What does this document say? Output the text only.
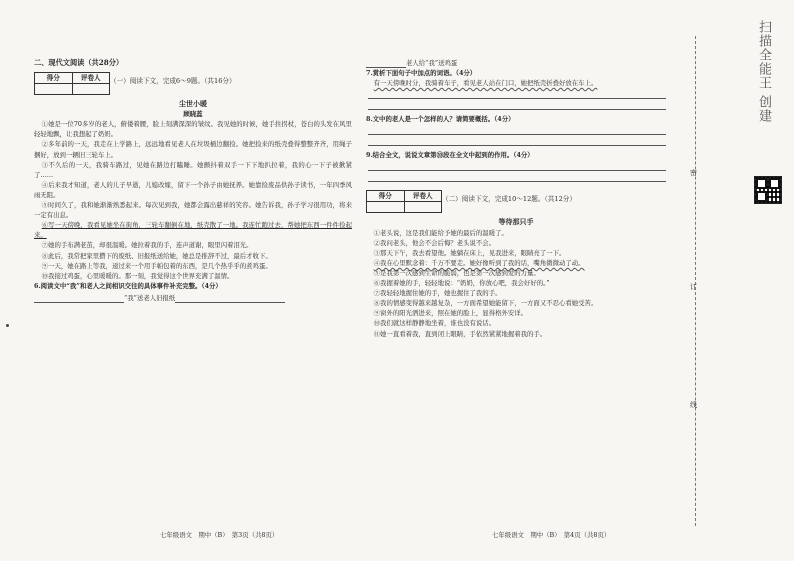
二、现代文阅读（共28分）
得分	评卷人	（一）阅读下文，完成6～9题。（共16分）
尘世小暖
顾晓蕊

①她是一位70多岁的老人，俯偻着腰，脸上刻满深深的皱纹。我见她的时候，她手拄拐杖，苍白的头发在风里轻轻地飘，让我想起了奶奶。

②多年前的一天，我走在上学路上，远远地看见老人在垃圾桶边翻捡。她把捡来的纸壳叠得整整齐齐，用绳子捆好，放到一辆旧三轮车上。

③不久后的一天，我骑车路过，见她在路边打瞌睡。她颤抖着双手一下下地扒拉着，我的心一下子被揪紧了……

④后来我才知道，老人的儿子早逝，儿媳改嫁，留下一个孙子由她抚养。她靠捡废品供孙子读书，一年四季风雨无阻。

⑤时间久了，我和她渐渐熟悉起来。每次见到我，她都会露出慈祥的笑容。她告诉我，孙子学习很用功，将来一定有出息。

⑥写一天傍晚，我看见她坐在街角，三轮车翻倒在地，纸壳散了一地。我连忙跑过去，帮她把东西一件件捡起来。

⑦她的手布满老茧，却很温暖。她拉着我的手，连声道谢，眼里闪着泪光。

⑧此后，我常把家里攒下的废纸、旧报纸送给她，她总是推辞不过，最后才收下。

⑨一天，她在路上等我，递过来一个用手帕包着的东西，是几个热乎乎的煮鸡蛋。

⑩我接过鸡蛋，心里暖暖的。那一刻，我觉得这个世界充满了温情。

6.阅读文中“我”和老人之间相识交往的具体事件补充完整。（4分）

“我”送老人旧报纸
老人给“我”送鸡蛋

7.赏析下面句子中加点的词语。（4分）

有一天傍晚时分，我骑着车子，看见老人站在门口，她把纸壳折叠好放在车上。

8.文中的老人是一个怎样的人？请简要概括。（4分）

9.结合全文，说说文章第⑩段在全文中起到的作用。（4分）

得分	评卷人	（二）阅读下文，完成10～12题。（共12分）
等待那只手

①老头说，这是我们能给予她的最后的温暖了。

②我问老头，他会不会后悔？老头说不会。

③那天下午，我去看望他。她躺在床上，见我进来，眼睛亮了一下。

④我在心里默念着：千万不要走。她好像听到了我的话，嘴角微微动了动。

⑤是我第一次感到生命的脆弱，也是第一次感到爱的力量。

⑥我握着她的手，轻轻地说：“奶奶，你放心吧，我会好好的。”

⑦我轻轻地握住她的手，她也握住了我的手。

⑧我的情感变得越来越复杂，一方面希望她能留下，一方面又不忍心看她受苦。

⑨窗外的阳光洒进来，照在她的脸上，显得格外安详。

⑩我们就这样静静地坐着，谁也没有说话。

⑪她一直看着我，直到闭上眼睛，手依然紧紧地握着我的手。

七年级语文　期中（B）　第3页（共8页）	七年级语文　期中（B）　第4页（共8页）
密
订
线
扫描全能王 创建
